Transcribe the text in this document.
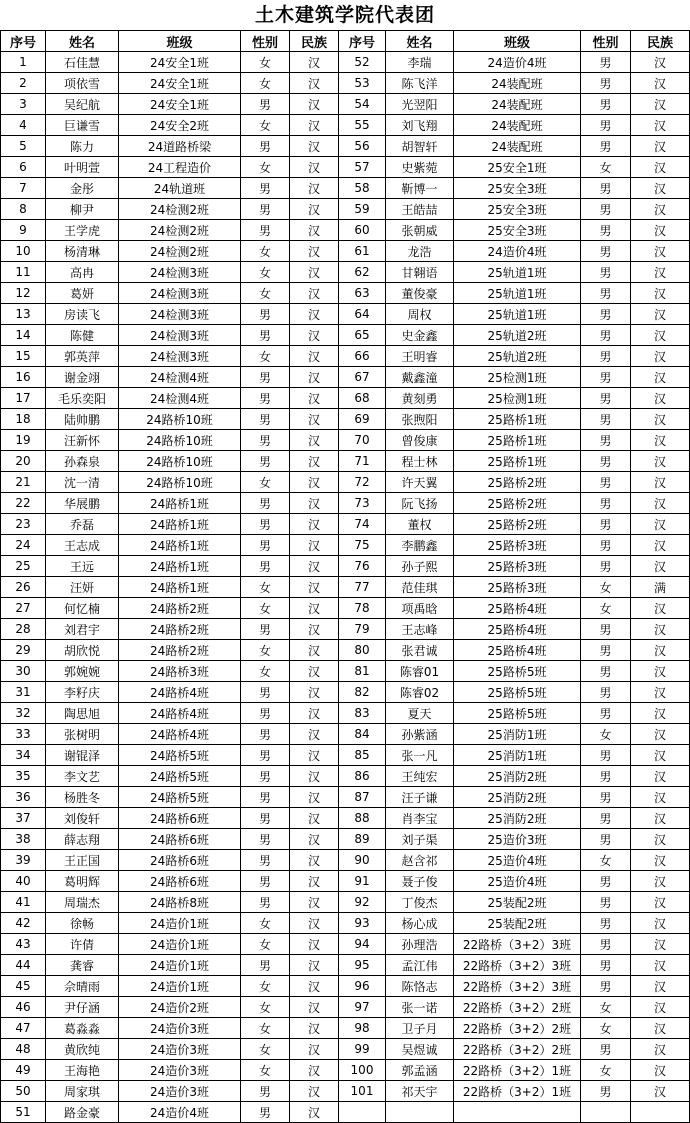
土木建筑学院代表团
序号	姓名	班级	性别	民族	序号	姓名	班级	性别	民族
1	石佳慧	24安全1班	女	汉	52	李瑞	24造价4班	男	汉
2	项依雪	24安全1班	女	汉	53	陈飞洋	24装配班	男	汉
3	吴纪航	24安全1班	男	汉	54	光翌阳	24装配班	男	汉
4	巨谦雪	24安全2班	女	汉	55	刘飞翔	24装配班	男	汉
5	陈力	24道路桥梁	男	汉	56	胡智轩	24装配班	男	汉
6	叶明萱	24工程造价	女	汉	57	史紫菀	25安全1班	女	汉
7	金彤	24轨道班	男	汉	58	靳博一	25安全3班	男	汉
8	柳尹	24检测2班	男	汉	59	王皓喆	25安全3班	男	汉
9	王学虎	24检测2班	男	汉	60	张朝威	25安全3班	男	汉
10	杨清琳	24检测2班	女	汉	61	龙浩	24造价4班	男	汉
11	高冉	24检测3班	女	汉	62	甘翱语	25轨道1班	男	汉
12	葛妍	24检测3班	女	汉	63	董俊豪	25轨道1班	男	汉
13	房读飞	24检测3班	男	汉	64	周权	25轨道1班	男	汉
14	陈健	24检测3班	男	汉	65	史金鑫	25轨道2班	男	汉
15	郭英萍	24检测3班	女	汉	66	王明睿	25轨道2班	男	汉
16	谢金翊	24检测4班	男	汉	67	戴鑫潼	25检测1班	男	汉
17	毛乐奕阳	24检测4班	男	汉	68	黄刻勇	25检测1班	男	汉
18	陆帅鹏	24路桥10班	男	汉	69	张煦阳	25路桥1班	男	汉
19	汪新怀	24路桥10班	男	汉	70	曾俊康	25路桥1班	男	汉
20	孙森泉	24路桥10班	男	汉	71	程士林	25路桥1班	男	汉
21	沈一清	24路桥10班	女	汉	72	许天翼	25路桥2班	男	汉
22	华展鹏	24路桥1班	男	汉	73	阮飞扬	25路桥2班	男	汉
23	乔磊	24路桥1班	男	汉	74	董权	25路桥2班	男	汉
24	王志成	24路桥1班	男	汉	75	李鹏鑫	25路桥3班	男	汉
25	王远	24路桥1班	男	汉	76	孙子熙	25路桥3班	男	汉
26	汪妍	24路桥1班	女	汉	77	范佳琪	25路桥3班	女	满
27	何忆楠	24路桥2班	女	汉	78	项禹晗	25路桥4班	女	汉
28	刘君宇	24路桥2班	男	汉	79	王志峰	25路桥4班	男	汉
29	胡欣悦	24路桥2班	女	汉	80	张君诚	25路桥4班	男	汉
30	郭婉婉	24路桥3班	女	汉	81	陈睿01	25路桥5班	男	汉
31	李籽庆	24路桥4班	男	汉	82	陈睿02	25路桥5班	男	汉
32	陶思旭	24路桥4班	男	汉	83	夏天	25路桥5班	男	汉
33	张树明	24路桥4班	男	汉	84	孙紫涵	25消防1班	女	汉
34	谢锟泽	24路桥5班	男	汉	85	张一凡	25消防1班	男	汉
35	李文艺	24路桥5班	男	汉	86	王纯宏	25消防2班	男	汉
36	杨胜冬	24路桥5班	男	汉	87	汪子谦	25消防2班	男	汉
37	刘俊轩	24路桥6班	男	汉	88	肖李宝	25消防2班	男	汉
38	薛志翔	24路桥6班	男	汉	89	刘子渠	25造价3班	男	汉
39	王正国	24路桥6班	男	汉	90	赵含祁	25造价4班	女	汉
40	葛明辉	24路桥6班	男	汉	91	聂子俊	25造价4班	男	汉
41	周瑞杰	24路桥8班	男	汉	92	丁俊杰	25装配2班	男	汉
42	徐畅	24造价1班	女	汉	93	杨心成	25装配2班	男	汉
43	许倩	24造价1班	女	汉	94	孙理浩	22路桥（3+2）3班	男	汉
44	龚睿	24造价1班	男	汉	95	孟江伟	22路桥（3+2）3班	男	汉
45	佘晴雨	24造价1班	女	汉	96	陈恪志	22路桥（3+2）3班	男	汉
46	尹仔涵	24造价2班	女	汉	97	张一诺	22路桥（3+2）2班	女	汉
47	葛淼淼	24造价3班	女	汉	98	卫子月	22路桥（3+2）2班	女	汉
48	黄欣纯	24造价3班	女	汉	99	吴煜诚	22路桥（3+2）2班	男	汉
49	王海艳	24造价3班	女	汉	100	郭孟涵	22路桥（3+2）1班	女	汉
50	周家琪	24造价3班	男	汉	101	祁天宇	22路桥（3+2）1班	男	汉
51	路金豪	24造价4班	男	汉					
